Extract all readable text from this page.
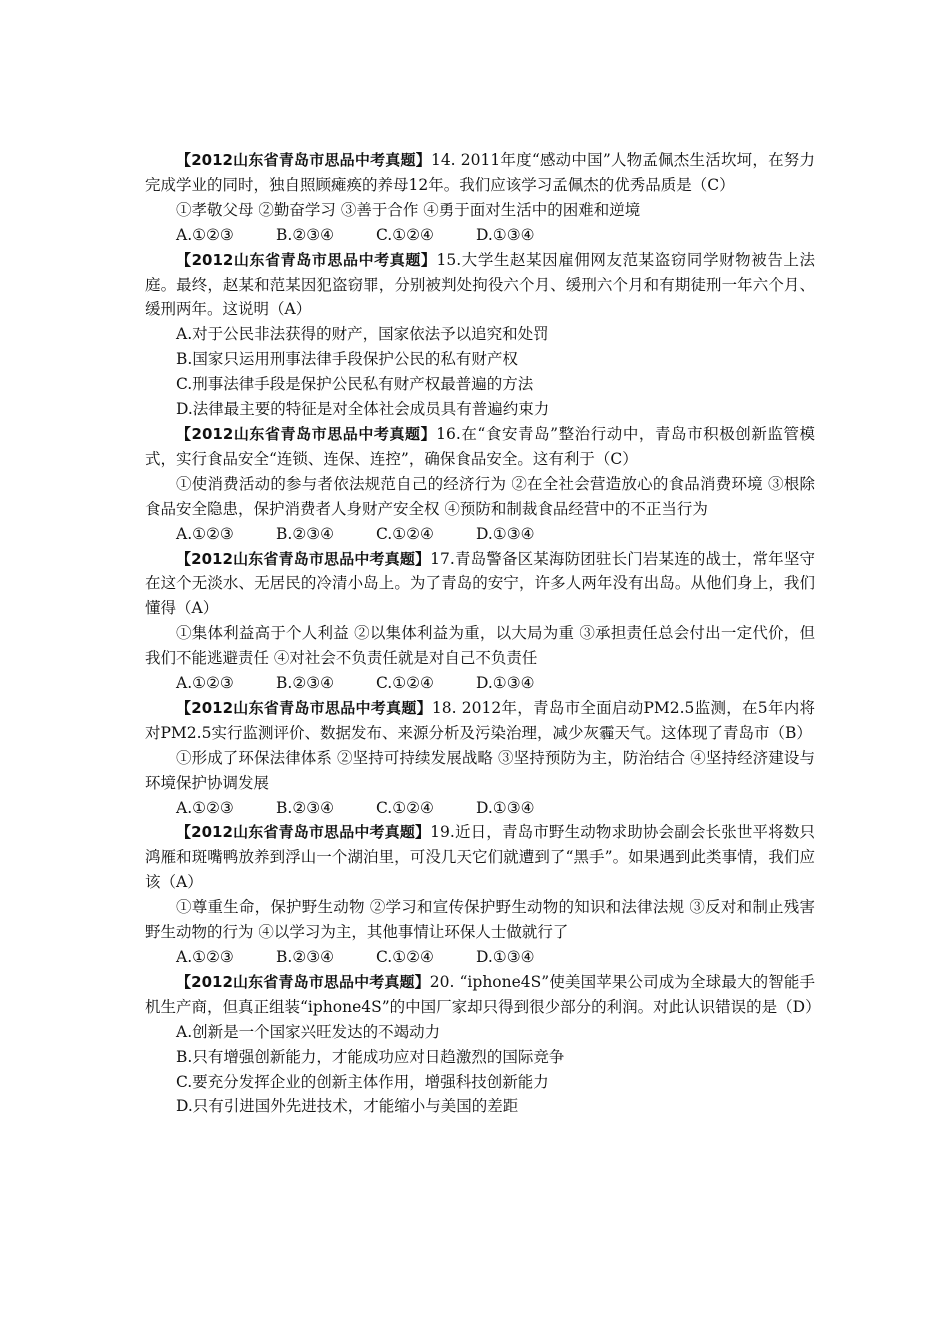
【2012山东省青岛市思品中考真题】14. 2011年度“感动中国”人物孟佩杰生活坎坷，在努力完成学业的同时，独自照顾瘫痪的养母12年。我们应该学习孟佩杰的优秀品质是（C）

①孝敬父母 ②勤奋学习 ③善于合作 ④勇于面对生活中的困难和逆境

A.①②③	B.②③④	C.①②④	D.①③④

【2012山东省青岛市思品中考真题】15.大学生赵某因雇佣网友范某盗窃同学财物被告上法庭。最终，赵某和范某因犯盗窃罪，分别被判处拘役六个月、缓刑六个月和有期徒刑一年六个月、缓刑两年。这说明（A）

A.对于公民非法获得的财产，国家依法予以追究和处罚

B.国家只运用刑事法律手段保护公民的私有财产权

C.刑事法律手段是保护公民私有财产权最普遍的方法

D.法律最主要的特征是对全体社会成员具有普遍约束力

【2012山东省青岛市思品中考真题】16.在“食安青岛”整治行动中，青岛市积极创新监管模式，实行食品安全“连锁、连保、连控”，确保食品安全。这有利于（C）

①使消费活动的参与者依法规范自己的经济行为 ②在全社会营造放心的食品消费环境 ③根除食品安全隐患，保护消费者人身财产安全权 ④预防和制裁食品经营中的不正当行为

A.①②③	B.②③④	C.①②④	D.①③④

【2012山东省青岛市思品中考真题】17.青岛警备区某海防团驻长门岩某连的战士，常年坚守在这个无淡水、无居民的冷清小岛上。为了青岛的安宁，许多人两年没有出岛。从他们身上，我们懂得（A）

①集体利益高于个人利益 ②以集体利益为重，以大局为重 ③承担责任总会付出一定代价，但我们不能逃避责任 ④对社会不负责任就是对自己不负责任

A.①②③	B.②③④	C.①②④	D.①③④

【2012山东省青岛市思品中考真题】18. 2012年，青岛市全面启动PM2.5监测，在5年内将对PM2.5实行监测评价、数据发布、来源分析及污染治理，减少灰霾天气。这体现了青岛市（B）

①形成了环保法律体系 ②坚持可持续发展战略 ③坚持预防为主，防治结合 ④坚持经济建设与环境保护协调发展

A.①②③	B.②③④	C.①②④	D.①③④

【2012山东省青岛市思品中考真题】19.近日，青岛市野生动物求助协会副会长张世平将数只鸿雁和斑嘴鸭放养到浮山一个湖泊里，可没几天它们就遭到了“黑手”。如果遇到此类事情，我们应该（A）

①尊重生命，保护野生动物 ②学习和宣传保护野生动物的知识和法律法规 ③反对和制止残害野生动物的行为 ④以学习为主，其他事情让环保人士做就行了

A.①②③	B.②③④	C.①②④	D.①③④

【2012山东省青岛市思品中考真题】20. “iphone4S”使美国苹果公司成为全球最大的智能手机生产商，但真正组装“iphone4S”的中国厂家却只得到很少部分的利润。对此认识错误的是（D）

A.创新是一个国家兴旺发达的不竭动力

B.只有增强创新能力，才能成功应对日趋激烈的国际竞争

C.要充分发挥企业的创新主体作用，增强科技创新能力

D.只有引进国外先进技术，才能缩小与美国的差距
